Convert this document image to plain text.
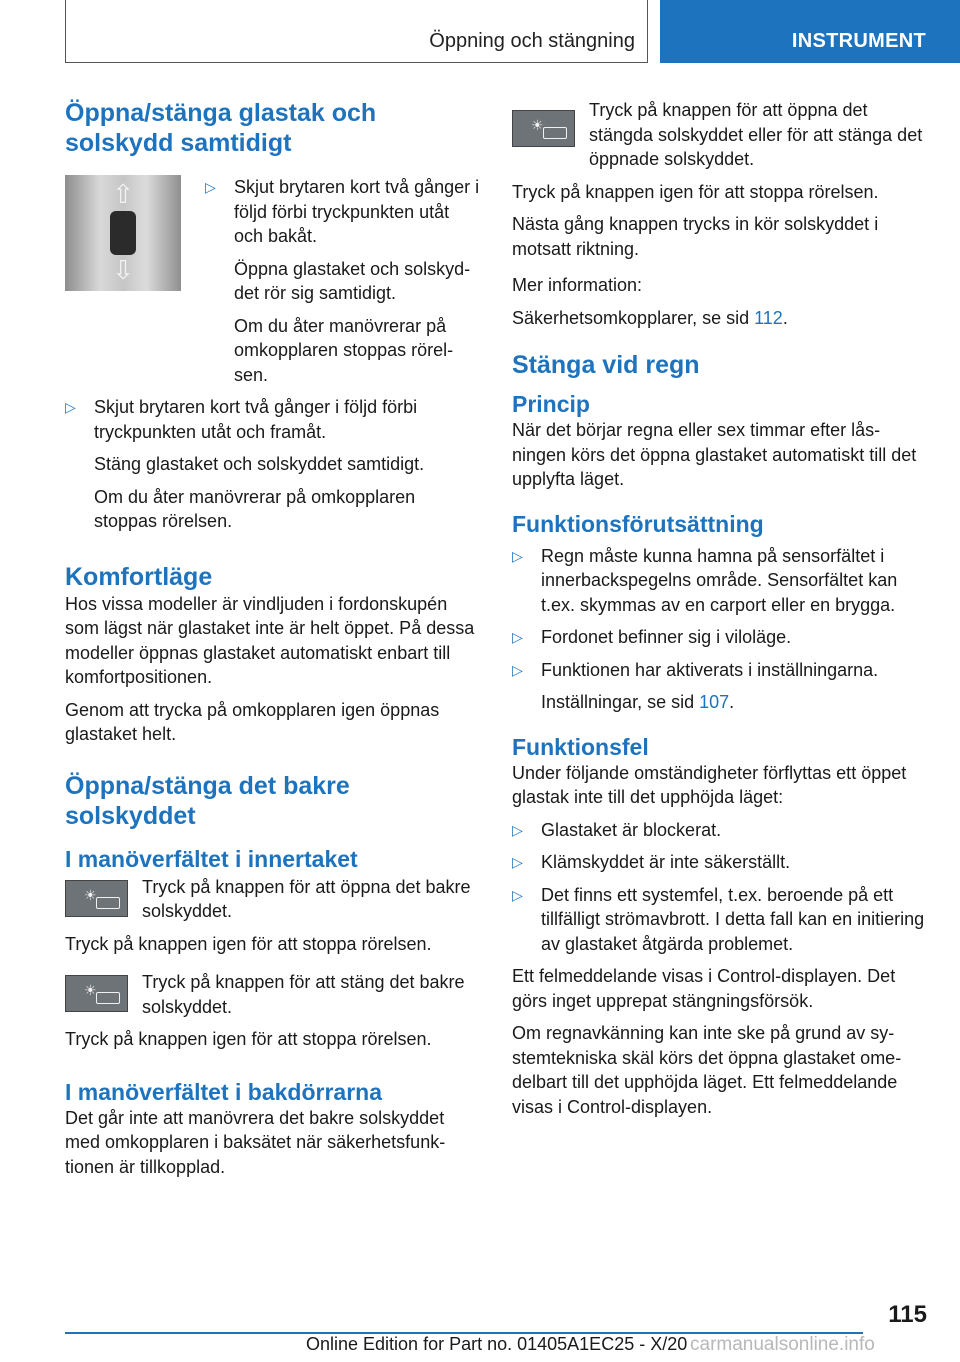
Öppning och stängning	INSTRUMENT
Öppna/stänga glastak och solskydd samtidigt
⇧
⇩
▷ Skjut brytaren kort två gånger i följd förbi tryckpunkten utåt och bakåt.

Öppna glastaket och solskyddet rör sig samtidigt.

Om du åter manövrerar på omkopplaren stoppas rörelsen.

▷ Skjut brytaren kort två gånger i följd förbi tryckpunkten utåt och framåt.

Stäng glastaket och solskyddet samtidigt.

Om du åter manövrerar på omkopplaren stoppas rörelsen.

Komfortläge

Hos vissa modeller är vindljuden i fordonskupén som lägst när glastaket inte är helt öppet. På dessa modeller öppnas glastaket automatiskt enbart till komfortpositionen.

Genom att trycka på omkopplaren igen öppnas glastaket helt.

Öppna/stänga det bakre solskyddet
I manöverfältet i innertaket
☀	Tryck på knappen för att öppna det bakre solskyddet.

Tryck på knappen igen för att stoppa rörelsen.

☀	Tryck på knappen för att stäng det bakre solskyddet.

Tryck på knappen igen för att stoppa rörelsen.

I manöverfältet i bakdörrarna

Det går inte att manövrera det bakre solskyddet med omkopplaren i baksätet när säkerhetsfunktionen är tillkopplad.

☀

Tryck på knappen för att öppna det stängda solskyddet eller för att stänga det öppnade solskyddet.

Tryck på knappen igen för att stoppa rörelsen.

Nästa gång knappen trycks in kör solskyddet i motsatt riktning.

Mer information:

Säkerhetsomkopplarer, se sid 112.

Stänga vid regn
Princip

När det börjar regna eller sex timmar efter låsningen körs det öppna glastaket automatiskt till det upplyfta läget.

Funktionsförutsättning
▷ Regn måste kunna hamna på sensorfältet i innerbackspegelns område. Sensorfältet kan t.ex. skymmas av en carport eller en brygga.

▷ Fordonet befinner sig i viloläge.

▷ Funktionen har aktiverats i inställningarna.

Inställningar, se sid 107.

Funktionsfel

Under följande omständigheter förflyttas ett öppet glastak inte till det upphöjda läget:

▷ Glastaket är blockerat.

▷ Klämskyddet är inte säkerställt.

▷ Det finns ett systemfel, t.ex. beroende på ett tillfälligt strömavbrott. I detta fall kan en initiering av glastaket åtgärda problemet.

Ett felmeddelande visas i Control-displayen. Det görs inget upprepat stängningsförsök.

Om regnavkänning kan inte ske på grund av systemtekniska skäl körs det öppna glastaket omedelbart till det upphöjda läget. Ett felmeddelande visas i Control-displayen.

115
Online Edition for Part no. 01405A1EC25 - X/20 carmanualsonline.info
